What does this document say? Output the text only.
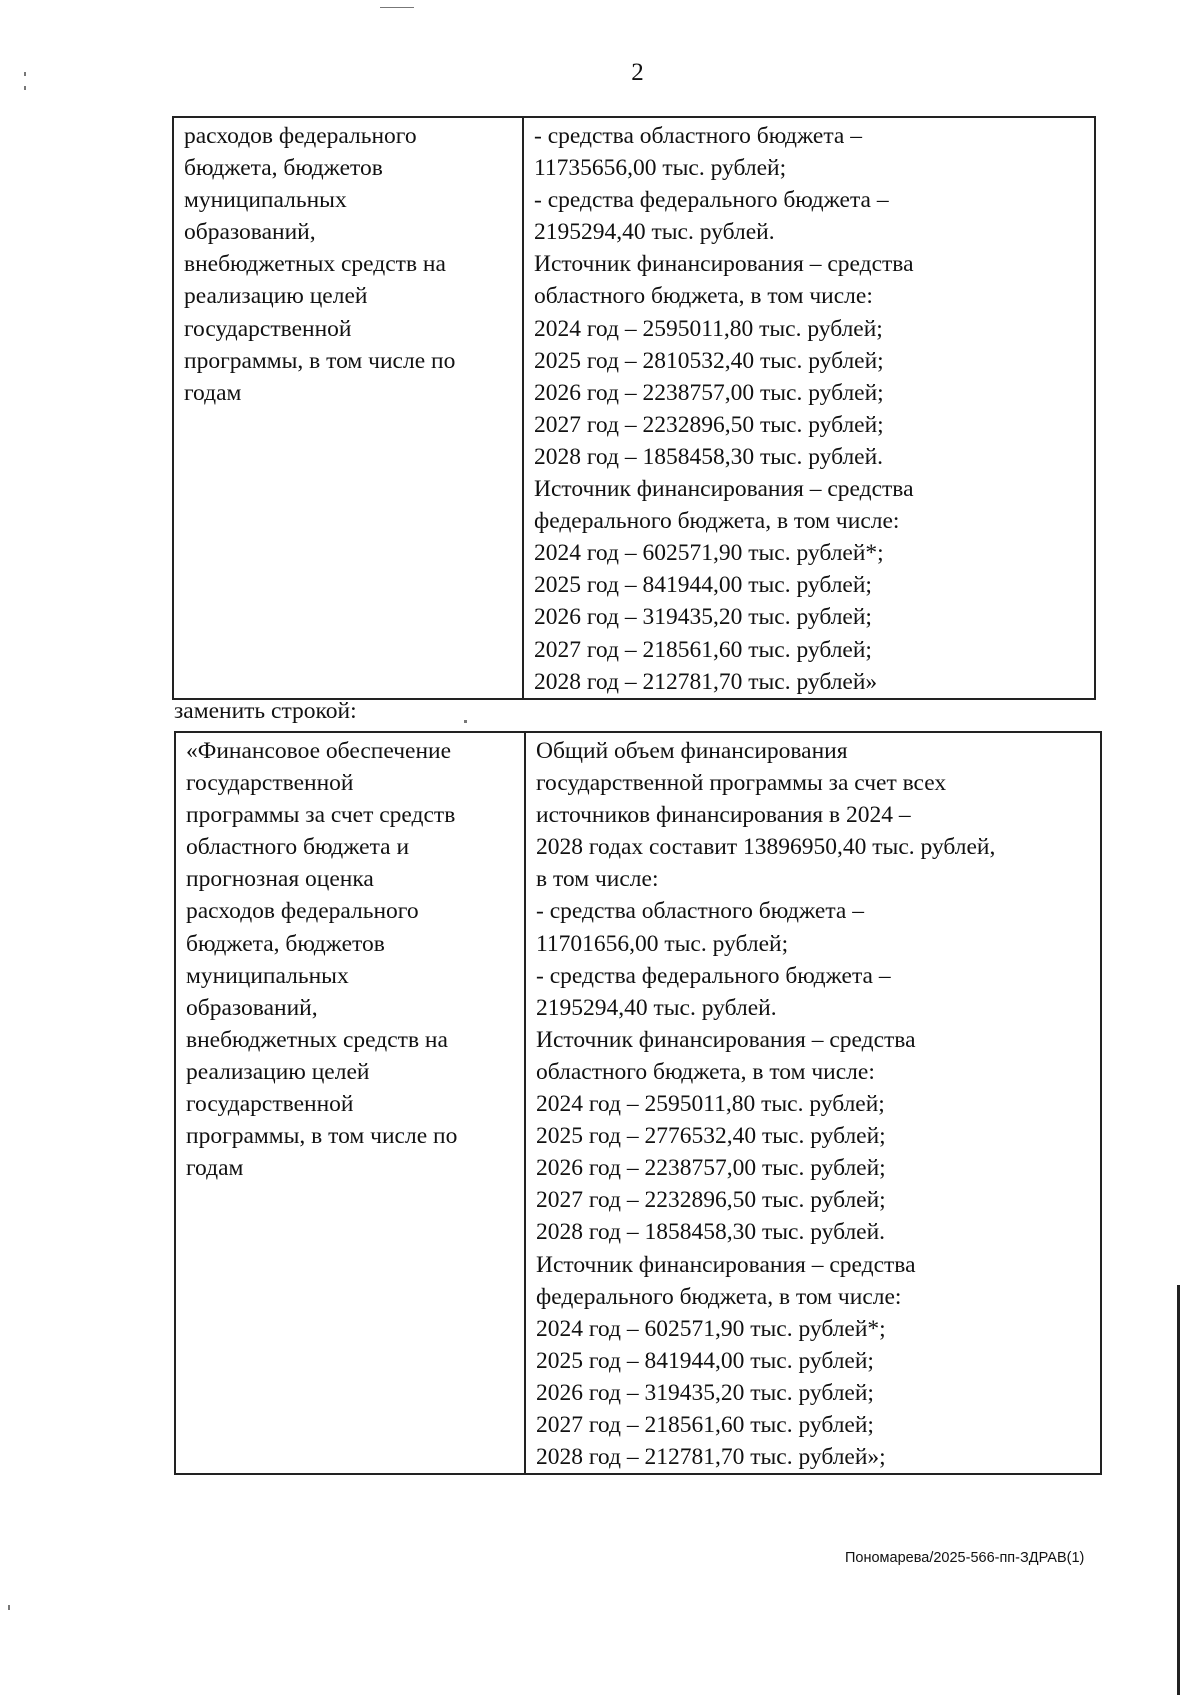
2
расходов федерального
бюджета, бюджетов
муниципальных
образований,
внебюджетных средств на
реализацию целей
государственной
программы, в том числе по
годам

- средства областного бюджета –
11735656,00 тыс. рублей;
- средства федерального бюджета –
2195294,40 тыс. рублей.
Источник финансирования – средства
областного бюджета, в том числе:
2024 год – 2595011,80 тыс. рублей;
2025 год – 2810532,40 тыс. рублей;
2026 год – 2238757,00 тыс. рублей;
2027 год – 2232896,50 тыс. рублей;
2028 год – 1858458,30 тыс. рублей.
Источник финансирования – средства
федерального бюджета, в том числе:
2024 год – 602571,90 тыс. рублей*;
2025 год – 841944,00 тыс. рублей;
2026 год – 319435,20 тыс. рублей;
2027 год – 218561,60 тыс. рублей;
2028 год – 212781,70 тыс. рублей»
заменить строкой:
«Финансовое обеспечение
государственной
программы за счет средств
областного бюджета и
прогнозная оценка
расходов федерального
бюджета, бюджетов
муниципальных
образований,
внебюджетных средств на
реализацию целей
государственной
программы, в том числе по
годам

Общий объем финансирования
государственной программы за счет всех
источников финансирования в 2024 –
2028 годах составит 13896950,40 тыс. рублей,
в том числе:
- средства областного бюджета –
11701656,00 тыс. рублей;
- средства федерального бюджета –
2195294,40 тыс. рублей.
Источник финансирования – средства
областного бюджета, в том числе:
2024 год – 2595011,80 тыс. рублей;
2025 год – 2776532,40 тыс. рублей;
2026 год – 2238757,00 тыс. рублей;
2027 год – 2232896,50 тыс. рублей;
2028 год – 1858458,30 тыс. рублей.
Источник финансирования – средства
федерального бюджета, в том числе:
2024 год – 602571,90 тыс. рублей*;
2025 год – 841944,00 тыс. рублей;
2026 год – 319435,20 тыс. рублей;
2027 год – 218561,60 тыс. рублей;
2028 год – 212781,70 тыс. рублей»;
Пономарева/2025-566-пп-ЗДРАВ(1)
